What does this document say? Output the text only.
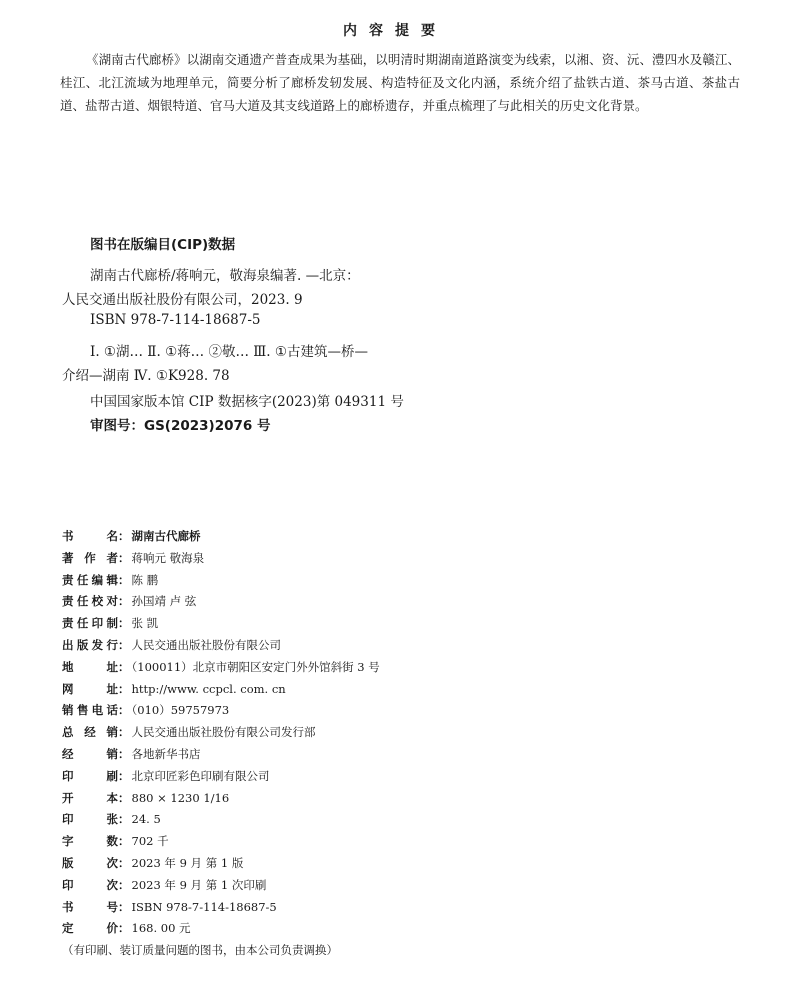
内容提要
《湖南古代廊桥》以湖南交通遗产普查成果为基础，以明清时期湖南道路演变为线索，以湘、资、沅、澧四水及赣江、桂江、北江流域为地理单元，简要分析了廊桥发轫发展、构造特征及文化内涵，系统介绍了盐铁古道、茶马古道、茶盐古道、盐帮古道、烟银特道、官马大道及其支线道路上的廊桥遗存，并重点梳理了与此相关的历史文化背景。
图书在版编目(CIP)数据
湖南古代廊桥/蒋响元，敬海泉编著. —北京：
人民交通出版社股份有限公司，2023. 9
ISBN 978-7-114-18687-5
Ⅰ. ①湖… Ⅱ. ①蒋… ②敬… Ⅲ. ①古建筑—桥—
介绍—湖南 Ⅳ. ①K928. 78
中国国家版本馆 CIP 数据核字(2023)第 049311 号
审图号：GS(2023)2076 号
书名： 湖南古代廊桥
著作者： 蒋响元 敬海泉
责任编辑： 陈 鹏
责任校对： 孙国靖 卢 弦
责任印制： 张 凯
出版发行： 人民交通出版社股份有限公司
地址： （100011）北京市朝阳区安定门外外馆斜街 3 号
网址： http://www. ccpcl. com. cn
销售电话： （010）59757973
总经销： 人民交通出版社股份有限公司发行部
经销： 各地新华书店
印刷： 北京印匠彩色印刷有限公司
开本： 880 × 1230 1/16
印张： 24. 5
字数： 702 千
版次： 2023 年 9 月 第 1 版
印次： 2023 年 9 月 第 1 次印刷
书号： ISBN 978-7-114-18687-5
定价： 168. 00 元
（有印刷、装订质量问题的图书，由本公司负责调换）
